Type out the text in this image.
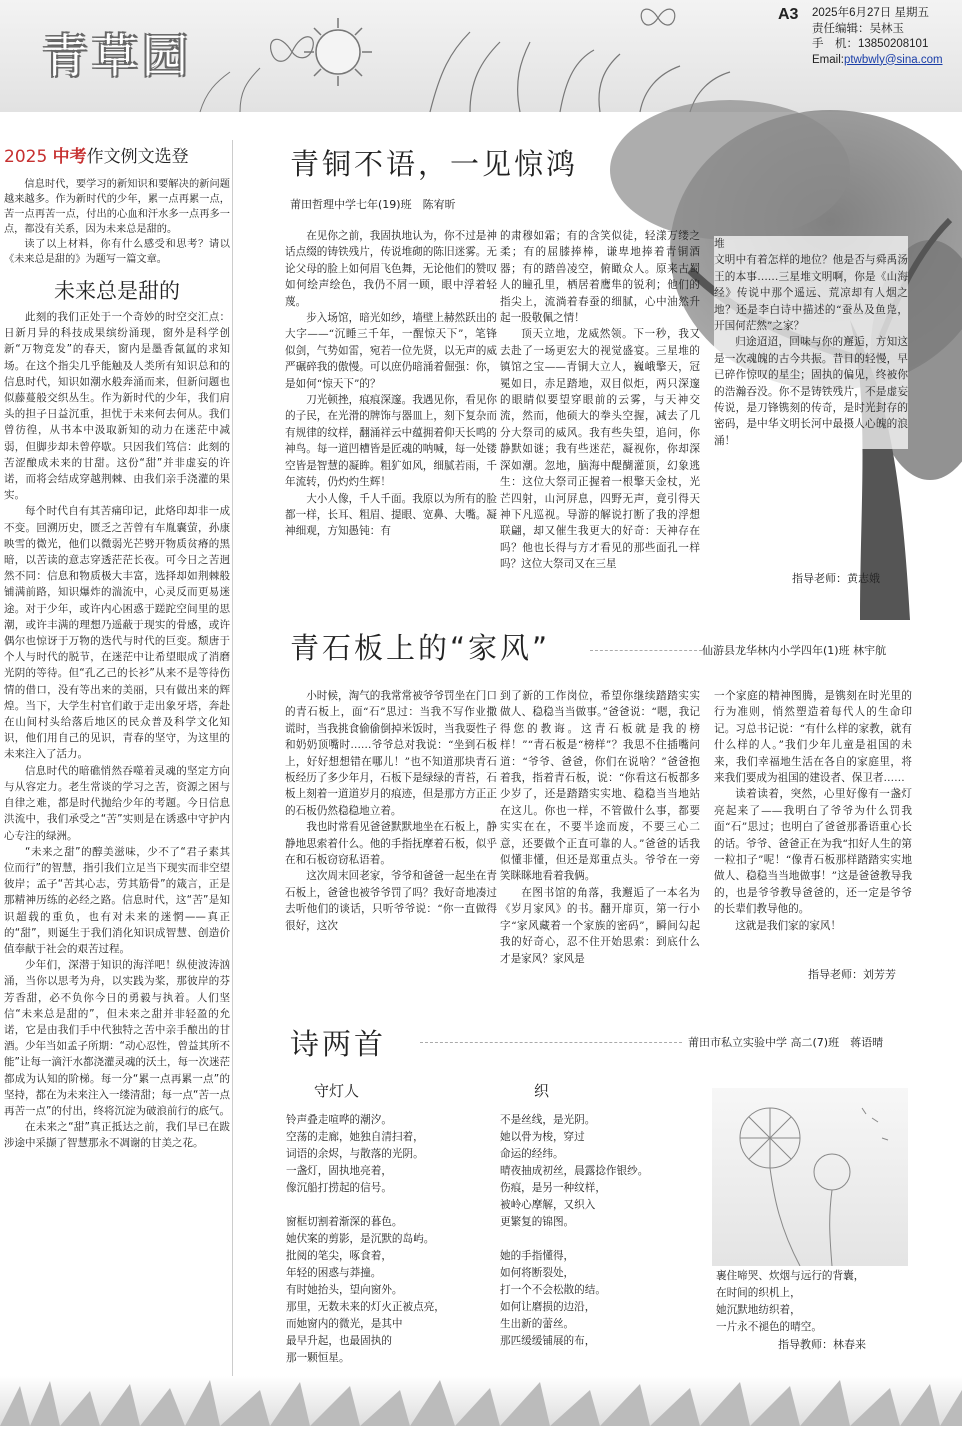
青草园
A3 2025年6月27日 星期五
责任编辑：吴林玉
手　机：13850208101
Email:ptwbwly@sina.com
2025 中考作文例文选登

信息时代，要学习的新知识和要解决的新问题越来越多。作为新时代的少年，累一点再累一点，苦一点再苦一点，付出的心血和汗水多一点再多一点，都没有关系，因为未来总是甜的。

读了以上材料，你有什么感受和思考？请以《未来总是甜的》为题写一篇文章。

未来总是甜的

此刻的我们正处于一个奇妙的时空交汇点：日新月异的科技成果缤纷涌现，窗外是科学创新“万物竞发”的春天，窗内是墨香氤氲的求知场。在这个指尖几乎能触及人类所有知识总和的信息时代，知识如潮水般奔涌而来，但新问题也似藤蔓般交织丛生。作为新时代的少年，我们肩头的担子日益沉重，担忧于未来何去何从。我们曾彷徨，从书本中汲取新知的动力在迷茫中减弱，但脚步却未曾停歇。只因我们笃信：此刻的苦涩酿成未来的甘甜。这份“甜”并非虚妄的许诺，而将会结成穿越荆棘、由我们亲手浇灌的果实。

每个时代自有其苦痛印记，此烙印却非一成不变。回溯历史，匮乏之苦曾有车胤囊萤，孙康映雪的微光，他们以微弱光芒劈开物质贫瘠的黑暗，以苦读的意志穿透茫茫长夜。可今日之苦迥然不同：信息和物质极大丰富，选择却如荆棘般铺满前路，知识爆炸的湍流中，心灵反而更易迷途。对于少年，或许内心困惑于蹉跎空间里的思潮，或许丰满的理想乃遥蔽于现实的骨感，或许偶尔也惊讶于万物的迭代与时代的巨变。颓唐于个人与时代的脱节，在迷茫中让希望眼成了消磨光阴的等待。但“孔乙己的长衫”从来不是等待伤情的借口，没有等出来的美丽，只有做出来的辉煌。当下，大学生村官们敢于走出象牙塔，奔赴在山间村头给落后地区的民众普及科学文化知识，他们用自己的见识，青春的坚守，为这里的未来注入了活力。

信息时代的暗礁悄然吞噬着灵魂的坚定方向与从容定力。老生常谈的学习之苦，资源之困与自律之难，都是时代抛给少年的考题。今日信息洪流中，我们承受之“苦”实则是在诱惑中守护内心专注的绿洲。

“未来之甜”的醇美滋味，少不了“君子素其位而行”的智慧，指引我们立足当下现实而非空望彼岸；孟子“苦其心志，劳其筋骨”的箴言，正是那精神历练的必经之路。信息时代，这“苦”是知识超载的重负，也有对未来的迷惘——真正的“甜”，则诞生于我们消化知识成智慧、创造价值奉献于社会的艰苦过程。

少年们，深潜于知识的海洋吧！纵使波涛汹涌，当你以思考为舟，以实践为桨，那彼岸的芬芳香甜，必不负你今日的勇毅与执着。人们坚信“未来总是甜的”，但未来之甜并非轻盈的允诺，它是由我们手中代独特之苦中亲手酿出的甘酒。少年当如孟子所期：“动心忍性，曾益其所不能”让每一滴汗水都浇灌灵魂的沃土，每一次迷茫都成为认知的阶梯。每一分“累一点再累一点”的坚持，都在为未来注入一缕清甜；每一点“苦一点再苦一点”的付出，终将沉淀为破浪前行的底气。

在未来之“甜”真正抵达之前，我们早已在跋涉途中采撷了智慧那永不凋谢的甘美之花。

青铜不语，一见惊鸿
莆田哲理中学七年(19)班　陈宥昕

在见你之前，我固执地认为，你不过是神话点缀的铸铁残片，传说堆砌的陈旧迷雾。无论父母的脸上如何眉飞色舞，无论他们的赞叹如何绘声绘色，我仍不屑一顾，眼中浮着轻蔑。

步入场馆，暗光如纱，墙壁上赫然跃出的大字——“沉睡三千年，一醒惊天下”，笔锋似剑，气势如雷，宛若一位先贤，以无声的威严碾碎我的傲慢。可以庶仍暗涌着倔强：你，是如何“惊天下”的？

刀光顿挫，痕痕深邃。我遇见你，看见你的子民，在光滑的牌饰与器皿上，刻下复杂而有规律的纹样，翻涌祥云中蕴拥着仰天长鸣的神鸟。每一道凹槽皆是匠魂的呐喊，每一处镂空皆是智慧的凝眸。粗犷如风，细腻若雨，千年流转，仍灼灼生辉！

大小人像，千人千面。我原以为所有的脸都一样，长耳、粗眉、提眼、宽鼻、大嘴。凝神细观，方知愚钝：有

的肃穆如霜；有的含笑似徒，轻漾万缕之柔；有的屈膝捧棒，谦卑地捧着青铜酒器；有的踏兽凌空，俯瞰众人。原来古蜀人的瞳孔里，栖居着鹰隼的锐利；他们的指尖上，流淌着春蚕的细腻，心中油然升起一股敬佩之情！

顶天立地，龙威然领。下一秒，我又去赴了一场更宏大的视觉盛宴。三星堆的镇馆之宝——青铜大立人，巍峨擎天，冠冕如日，赤足踏地，双目似炬，两只深邃的眼睛似要望穿眼前的云雾，与天神交流，然而，他硕大的拳头空握，减去了几分大祭司的威风。我有些失望，追问，你静默如谜；我有些迷茫，凝视你，你却深深如潮。忽地，脑海中醍醐灌顶，幻象逃生：这位大祭司正握着一根擎天金杖，光芒四射，山河屏息，四野无声，竟引得天神下凡巡视。导游的解说打断了我的浮想联翩，却又催生我更大的好奇：天神存在吗？他也长得与方才看见的那些面孔一样吗？这位大祭司又在三星

堆

文明中有着怎样的地位？他是否与舜禹汤王的本事……三星堆文明啊，你是《山海经》传说中那个遥远、荒凉却有人烟之地？还是李白诗中描述的“蚕丛及鱼凫，开国何茫然”之家？

归途迢迢，回味与你的邂逅，方知这是一次魂魄的古今共振。昔日的轻慢，早已碎作惊叹的星尘；固执的偏见，终被你的浩瀚吞没。你不是铸铁残片，不是虚妄传说，是刀锋镌刻的传奇，是时光封存的密码，是中华文明长河中最摄人心魄的浪涌！

指导老师：黄志娥
青石板上的“家风”	仙游县龙华林内小学四年(1)班 林宇航

小时候，淘气的我常常被爷爷罚坐在门口的青石板上，面“石”思过：当我不写作业撒谎时，当我挑食偷偷倒掉米饭时，当我耍性子和奶奶顶嘴时……爷爷总对我说：“坐到石板上，好好想想错在哪儿！”也不知道那块青石板经历了多少年月，石板下是绿绿的青苔，石板上刻着一道道岁月的痕迹，但是那方方正正的石板仍然稳稳地立着。

我也时常看见爸爸默默地坐在石板上，静静地思索着什么。他的手指抚摩着石板，似乎在和石板窃窃私语着。

这次周末回老家，爷爷和爸爸一起坐在青石板上，爸爸也被爷爷罚了吗？我好奇地凑过去听他们的谈话，只听爷爷说：“你一直做得很好，这次

到了新的工作岗位，希望你继续踏踏实实做人、稳稳当当做事。”爸爸说：“嗯，我记得您的教诲。这青石板就是我的榜样！”“青石板是“榜样”？我思不住插嘴问道：“爷爷、爸爸，你们在说啥？”爸爸抱着我，指着青石板，说：“你看这石板都多少岁了，还是踏踏实实地、稳稳当当地站在这儿。你也一样，不管做什么事，都要实实在在，不要半途而废，不要三心二意，还要做个正直可靠的人。”爸爸的话我似懂非懂，但还是郑重点头。爷爷在一旁笑眯眯地看着我俩。

在图书馆的角落，我邂逅了一本名为《岁月家风》的书。翻开扉页，第一行小字“家风藏着一个家族的密码”，瞬间勾起我的好奇心，忍不住开始思索：到底什么才是家风？家风是

一个家庭的精神图腾，是镌刻在时光里的行为准则，悄然塑造着每代人的生命印记。习总书记说：“有什么样的家教，就有什么样的人。”我们少年儿童是祖国的未来，我们幸福地生活在各自的家庭里，将来我们要成为祖国的建设者、保卫者……

读着读着，突然，心里好像有一盏灯亮起来了——我明白了爷爷为什么罚我面“石”思过；也明白了爸爸那番语重心长的话。爷爷、爸爸正在为我“扣好人生的第一粒扣子”呢！“像青石板那样踏踏实实地做人、稳稳当当地做事！”这是爸爸教导我的，也是爷爷教导爸爸的，还一定是爷爷的长辈们教导他的。

这就是我们家的家风！

指导老师：刘芳芳
诗两首	莆田市私立实验中学 高二(7)班　蒋语晴
守灯人
铃声叠走喧哗的潮汐。
空荡的走廊，她独自清扫着，
词语的余烬，与散落的光阴。
一盏灯，固执地亮着，
像沉船打捞起的信号。

窗框切割着渐深的暮色。
她伏案的剪影，是沉默的岛屿。
批阅的笔尖，啄食着，
年轻的困惑与莽撞。
有时她抬头，望向窗外。
那里，无数未来的灯火正被点亮，
而她窗内的微光，是其中
最早升起，也最固执的
那一颗恒星。
织
不是丝线，是光阴。
她以骨为梭，穿过
命运的经纬。
晴夜抽成初丝，晨露捻作银纱。
伤痕，是另一种纹样，
被岭心摩解，又织入
更繁复的锦图。

她的手指懂得，
如何将断裂处，
打一个不会松散的结。
如何让磨损的边沿，
生出新的蕾丝。
那匹缓缓铺展的布，
裹住啼哭、炊烟与远行的背囊，
在时间的织机上，
她沉默地纺织着，
一片永不褪色的晴空。
指导教师：林春来
